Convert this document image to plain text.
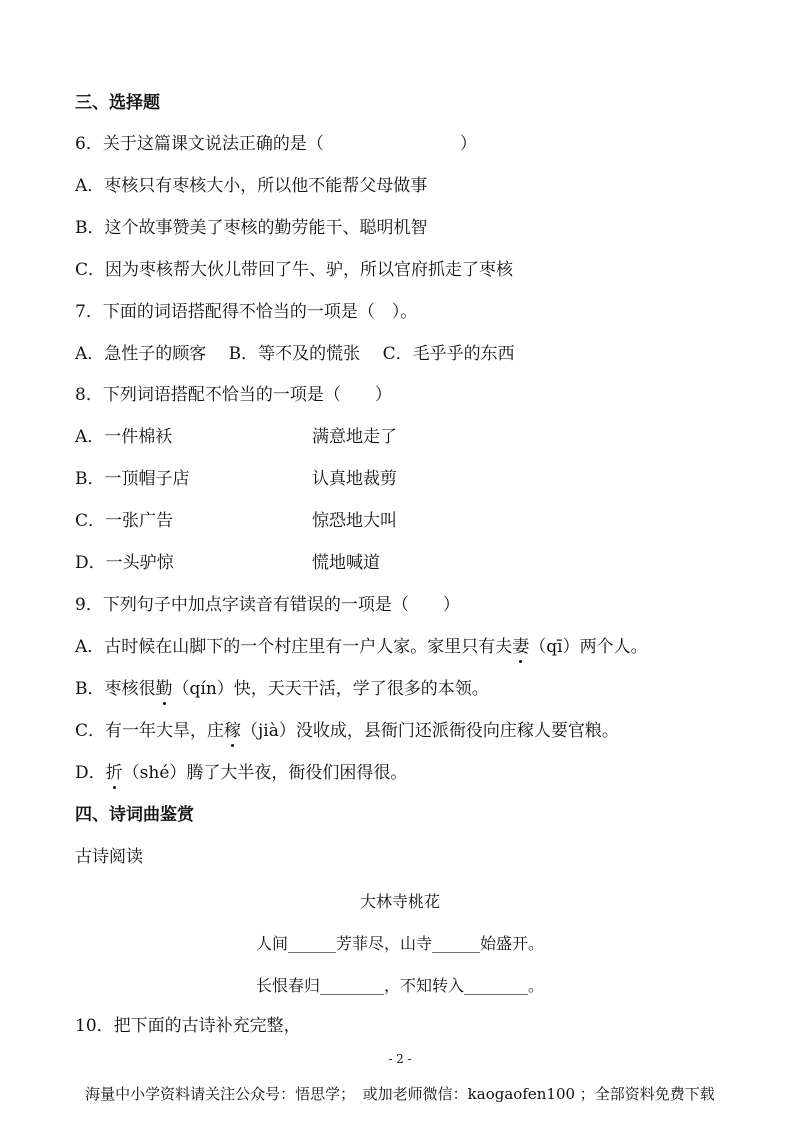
三、选择题
6．关于这篇课文说法正确的是（　　　　　　　　）
A．枣核只有枣核大小，所以他不能帮父母做事
B．这个故事赞美了枣核的勤劳能干、聪明机智
C．因为枣核帮大伙儿带回了牛、驴，所以官府抓走了枣核
7．下面的词语搭配得不恰当的一项是（　）。
A．急性子的顾客　 B．等不及的慌张　 C．毛乎乎的东西
8．下列词语搭配不恰当的一项是（　　）
A．一件棉袄	满意地走了
B．一顶帽子店	认真地裁剪
C．一张广告	惊恐地大叫
D．一头驴惊	慌地喊道
9．下列句子中加点字读音有错误的一项是（　　）
A．古时候在山脚下的一个村庄里有一户人家。家里只有夫妻（qī）两个人。
B．枣核很勤（qín）快，天天干活，学了很多的本领。
C．有一年大旱，庄稼（jià）没收成，县衙门还派衙役向庄稼人要官粮。
D．折（shé）腾了大半夜，衙役们困得很。
四、诗词曲鉴赏
古诗阅读
大林寺桃花
人间______芳菲尽，山寺______始盛开。
长恨春归________，不知转入________。
10．把下面的古诗补充完整，
- 2 -
海量中小学资料请关注公众号：悟思学；　或加老师微信：kaogaofen100 ；全部资料免费下载
